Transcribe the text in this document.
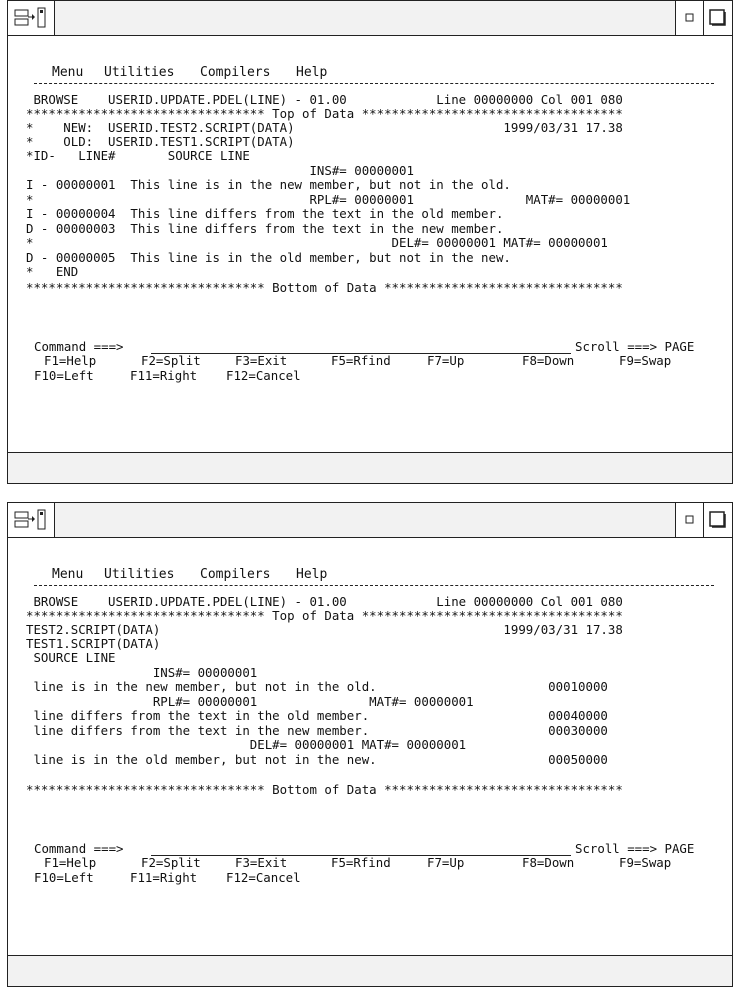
Menu Utilities Compilers Help
BROWSE    USERID.UPDATE.PDEL(LINE) - 01.00            Line 00000000 Col 001 080
******************************** Top of Data ***********************************
*    NEW:  USERID.TEST2.SCRIPT(DATA)                            1999/03/31 17.38
*    OLD:  USERID.TEST1.SCRIPT(DATA)
*ID-   LINE#       SOURCE LINE
INS#= 00000001
I - 00000001  This line is in the new member, but not in the old.
*                                     RPL#= 00000001               MAT#= 00000001
I - 00000004  This line differs from the text in the old member.
D - 00000003  This line differs from the text in the new member.
*                                                DEL#= 00000001 MAT#= 00000001
D - 00000005  This line is in the old member, but not in the new.
*   END
******************************** Bottom of Data ********************************
Command ===>	Scroll ===> PAGE
F1=Help	F2=Split	F3=Exit	F5=Rfind	F7=Up	F8=Down	F9=Swap
F10=Left	F11=Right F12=Cancel
Menu Utilities Compilers Help
BROWSE    USERID.UPDATE.PDEL(LINE) - 01.00            Line 00000000 Col 001 080
******************************** Top of Data ***********************************
TEST2.SCRIPT(DATA)                                              1999/03/31 17.38
TEST1.SCRIPT(DATA)
SOURCE LINE
INS#= 00000001
line is in the new member, but not in the old.                       00010000
RPL#= 00000001               MAT#= 00000001
line differs from the text in the old member.                        00040000
line differs from the text in the new member.                        00030000
DEL#= 00000001 MAT#= 00000001
line is in the old member, but not in the new.                       00050000
******************************** Bottom of Data ********************************
Command ===>	Scroll ===> PAGE
F1=Help	F2=Split	F3=Exit	F5=Rfind	F7=Up	F8=Down	F9=Swap
F10=Left	F11=Right F12=Cancel
